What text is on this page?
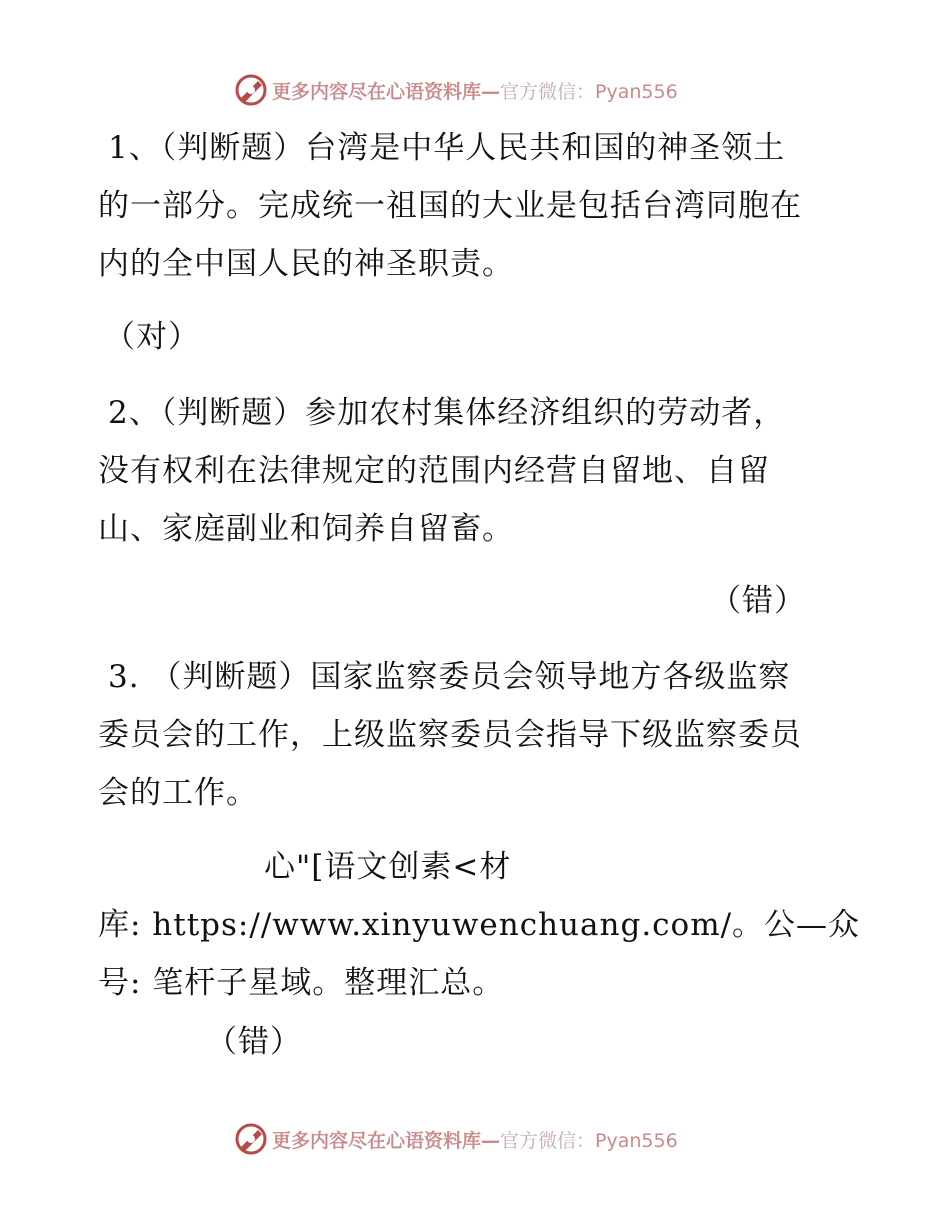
更多内容尽在心语资料库—官方微信：Pyan556
1、（判断题）台湾是中华人民共和国的神圣领土
的一部分。完成统一祖国的大业是包括台湾同胞在
内的全中国人民的神圣职责。
（对）
2、（判断题）参加农村集体经济组织的劳动者，
没有权利在法律规定的范围内经营自留地、自留
山、家庭副业和饲养自留畜。
（错）
3. （判断题）国家监察委员会领导地方各级监察
委员会的工作，上级监察委员会指导下级监察委员
会的工作。
心"[语文创素<材
库: https://www.xinyuwenchuang.com/。公—众
号: 笔杆子星域。整理汇总。
（错）
更多内容尽在心语资料库—官方微信：Pyan556
